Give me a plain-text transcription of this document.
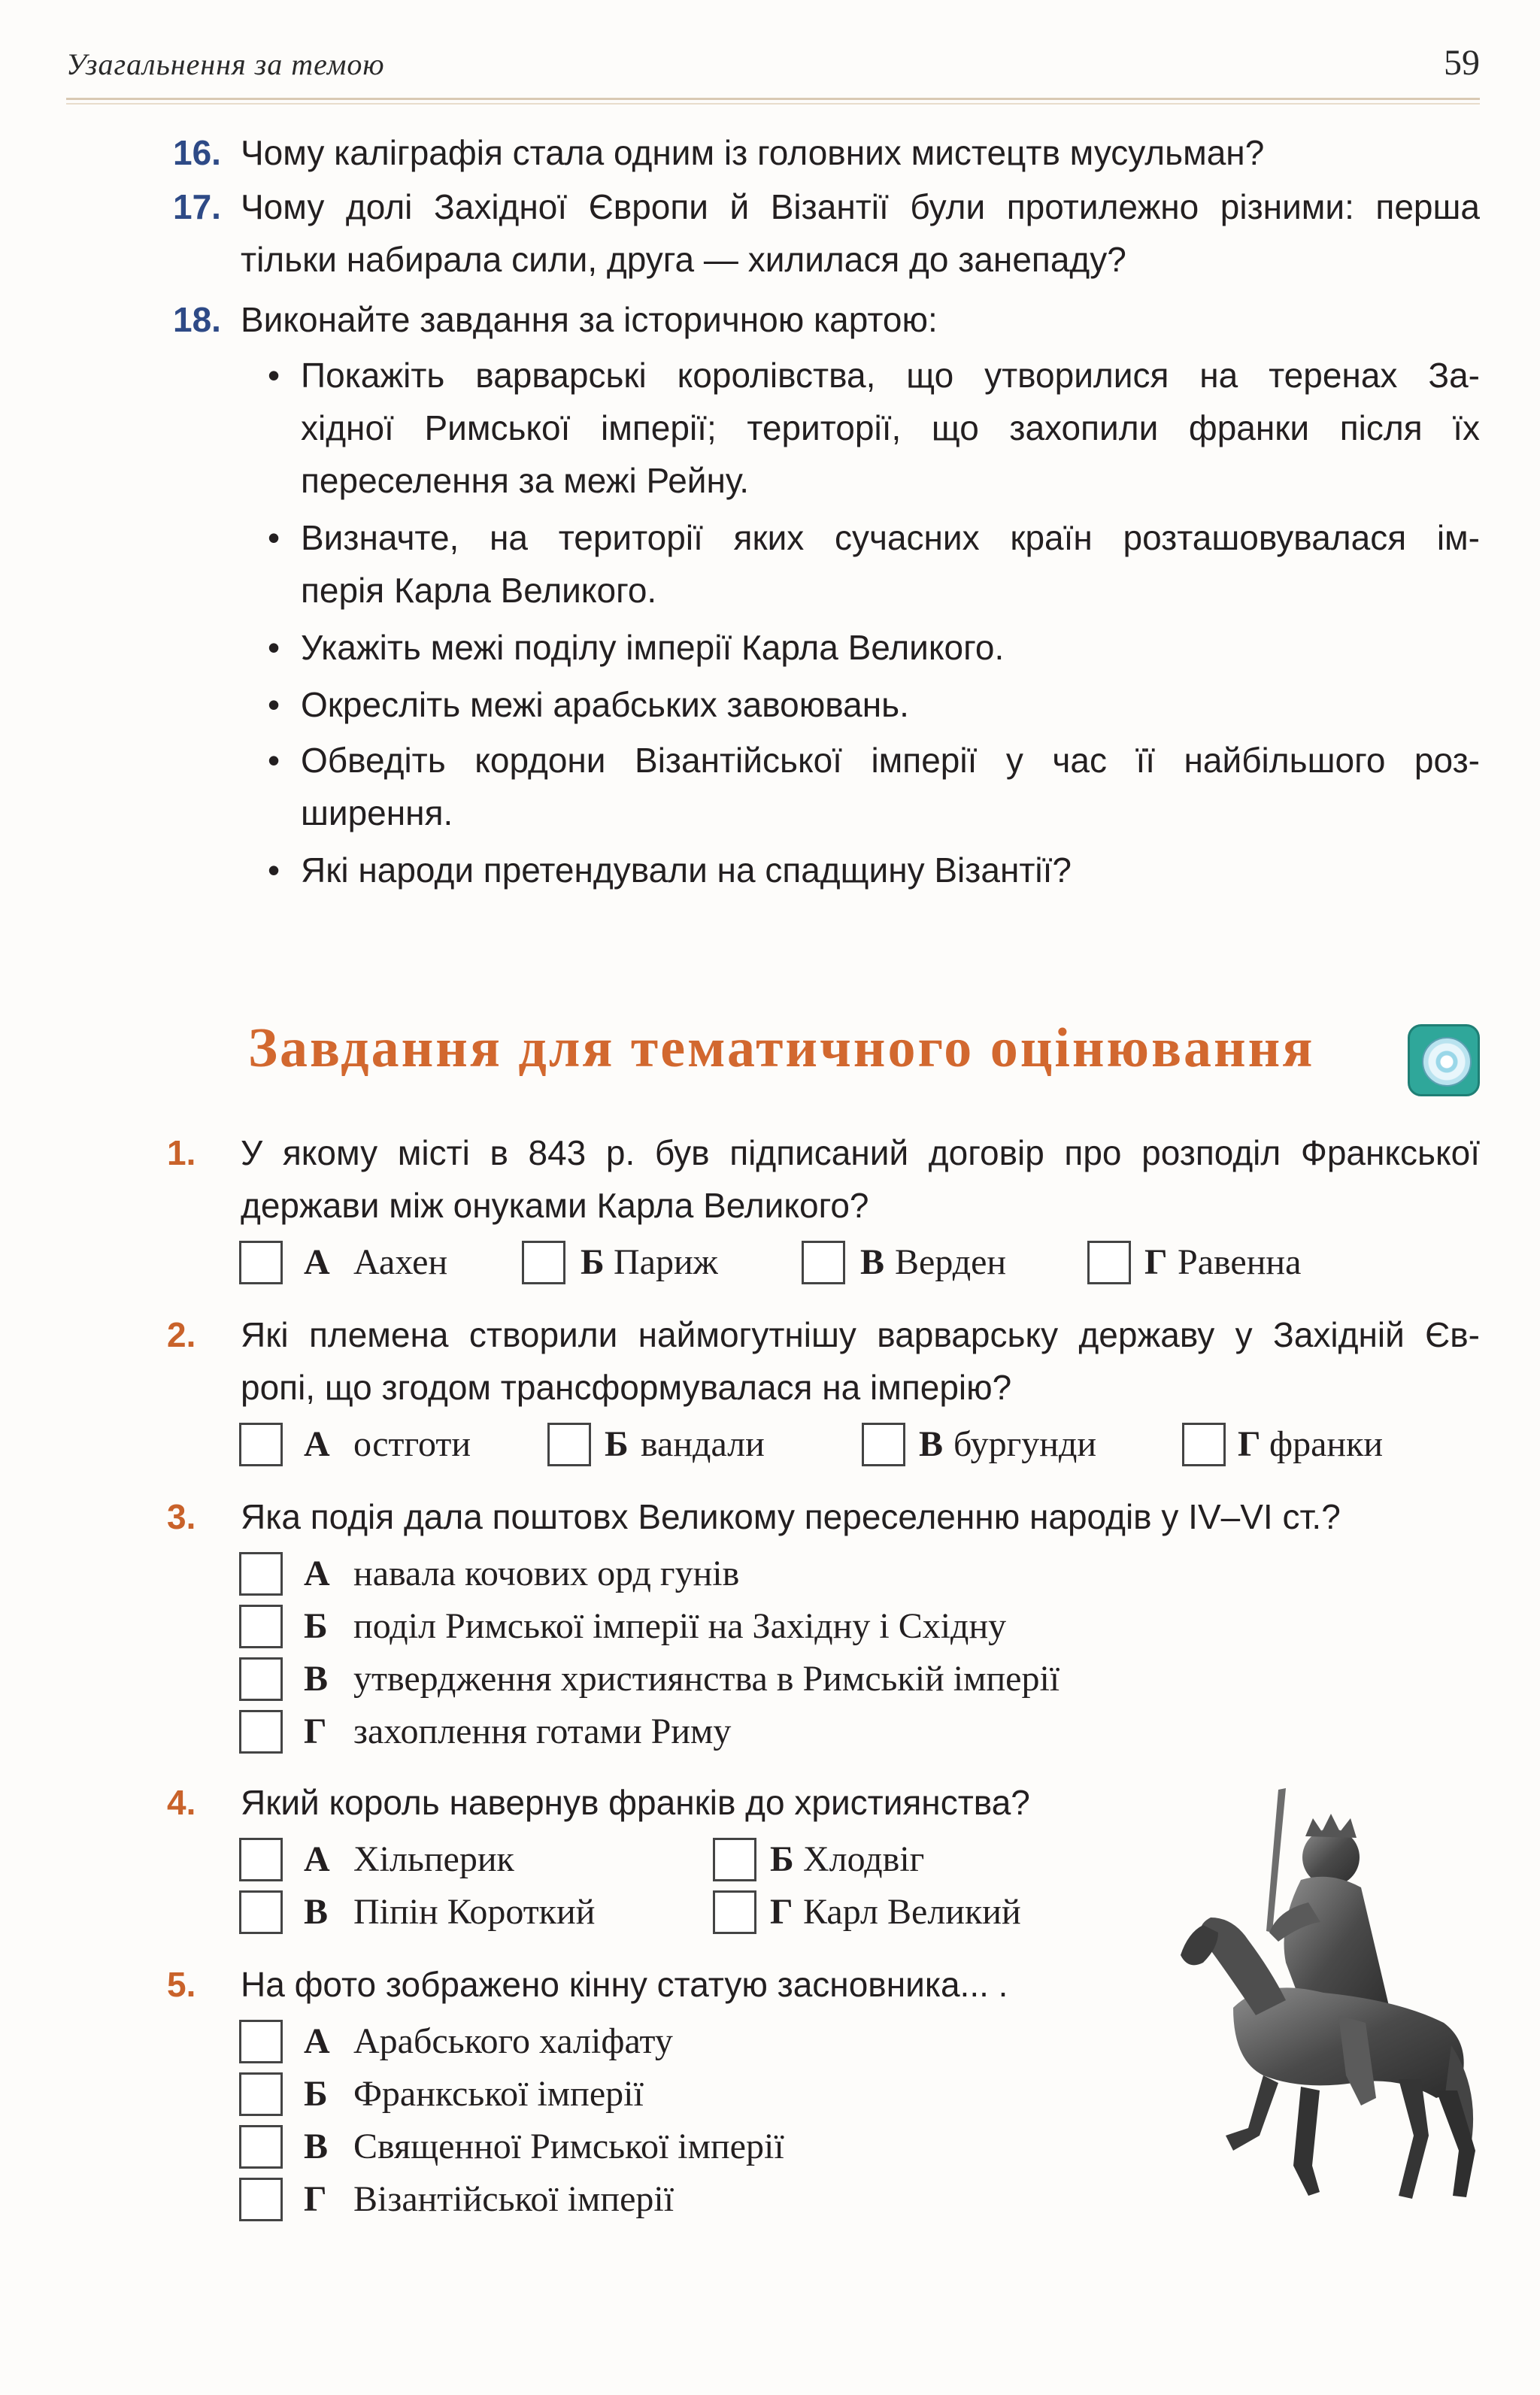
Узагальнення за темою	59
16. Чому каліграфія стала одним із головних мистецтв мусульман?
17. Чому долі Західної Європи й Візантії були протилежно різними: перша
тільки набирала сили, друга — хилилася до занепаду?
18. Виконайте завдання за історичною картою:
• Покажіть варварські королівства, що утворилися на теренах За-
хідної Римської імперії; території, що захопили франки після їх
переселення за межі Рейну.
• Визначте, на території яких сучасних країн розташовувалася ім-
перія Карла Великого.
• Укажіть межі поділу імперії Карла Великого.
• Окресліть межі арабських завоювань.
• Обведіть кордони Візантійської імперії у час її найбільшого роз-
ширення.
• Які народи претендували на спадщину Візантії?
Завдання для тематичного оцінювання
1. У якому місті в 843 р. був підписаний договір про розподіл Франкської
держави між онуками Карла Великого?
А Аахен	Б Париж	В Верден	Г Равенна
2. Які племена створили наймогутнішу варварську державу у Західній Єв-
ропі, що згодом трансформувалася на імперію?
А остготи	Б вандали	В бургунди	Г франки
3. Яка подія дала поштовх Великому переселенню народів у IV–VI ст.?
А навала кочових орд гунів
Б поділ Римської імперії на Західну і Східну
В утвердження християнства в Римській імперії
Г захоплення готами Риму
4. Який король навернув франків до християнства?
А Хільперик	Б Хлодвіг
В Піпін Короткий	Г Карл Великий
5. На фото зображено кінну статую засновника... .
А Арабського халіфату
Б Франкської імперії
В Священної Римської імперії
Г Візантійської імперії
